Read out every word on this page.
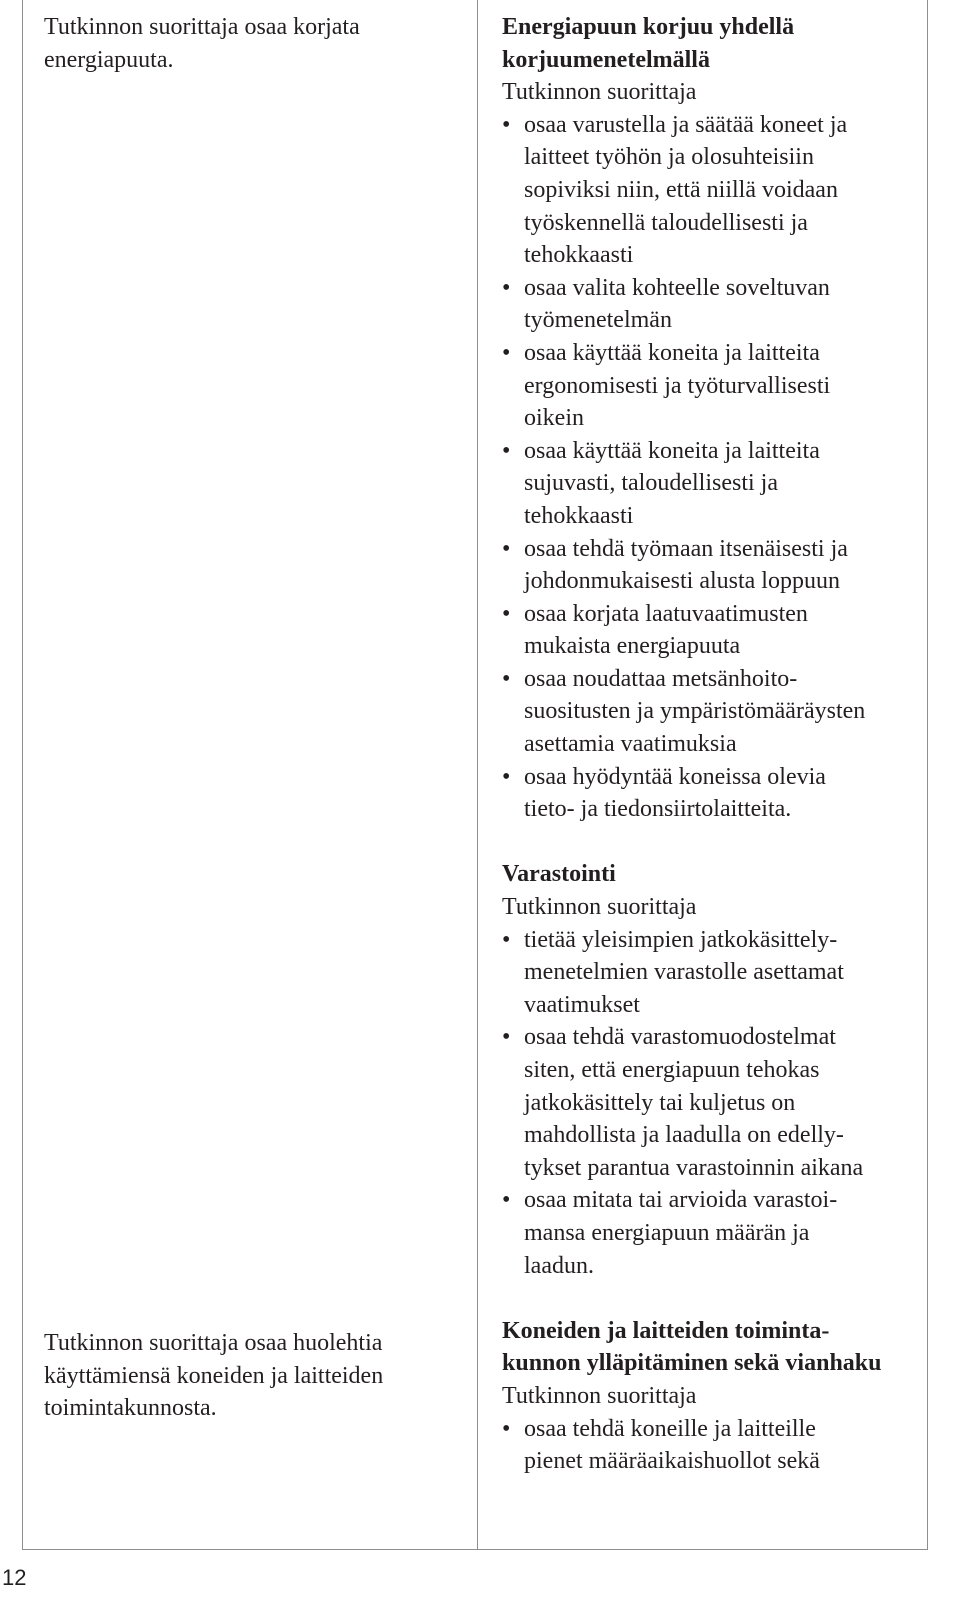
Tutkinnon suorittaja osaa korjata energiapuuta.

Tutkinnon suorittaja osaa huolehtia käyttämiensä koneiden ja laitteiden toimintakunnosta.

Energiapuun korjuu yhdellä
korjuumenetelmällä
Tutkinnon suorittaja
• osaa varustella ja säätää koneet ja
laitteet työhön ja olosuhteisiin
sopiviksi niin, että niillä voidaan
työskennellä taloudellisesti ja
tehokkaasti
• osaa valita kohteelle soveltuvan
työmenetelmän
• osaa käyttää koneita ja laitteita
ergonomisesti ja työturvallisesti
oikein
• osaa käyttää koneita ja laitteita
sujuvasti, taloudellisesti ja
tehokkaasti
• osaa tehdä työmaan itsenäisesti ja
johdonmukaisesti alusta loppuun
• osaa korjata laatuvaatimusten
mukaista energiapuuta
• osaa noudattaa metsänhoito-
suositusten ja ympäristömääräysten
asettamia vaatimuksia
• osaa hyödyntää koneissa olevia
tieto- ja tiedonsiirtolaitteita.
Varastointi
Tutkinnon suorittaja
• tietää yleisimpien jatkokäsittely-
menetelmien varastolle asettamat
vaatimukset
• osaa tehdä varastomuodostelmat
siten, että energiapuun tehokas
jatkokäsittely tai kuljetus on
mahdollista ja laadulla on edelly-
tykset parantua varastoinnin aikana
• osaa mitata tai arvioida varastoi-
mansa energiapuun määrän ja
laadun.
Koneiden ja laitteiden toiminta-
kunnon ylläpitäminen sekä vianhaku
Tutkinnon suorittaja
• osaa tehdä koneille ja laitteille
pienet määräaikaishuollot sekä
12
